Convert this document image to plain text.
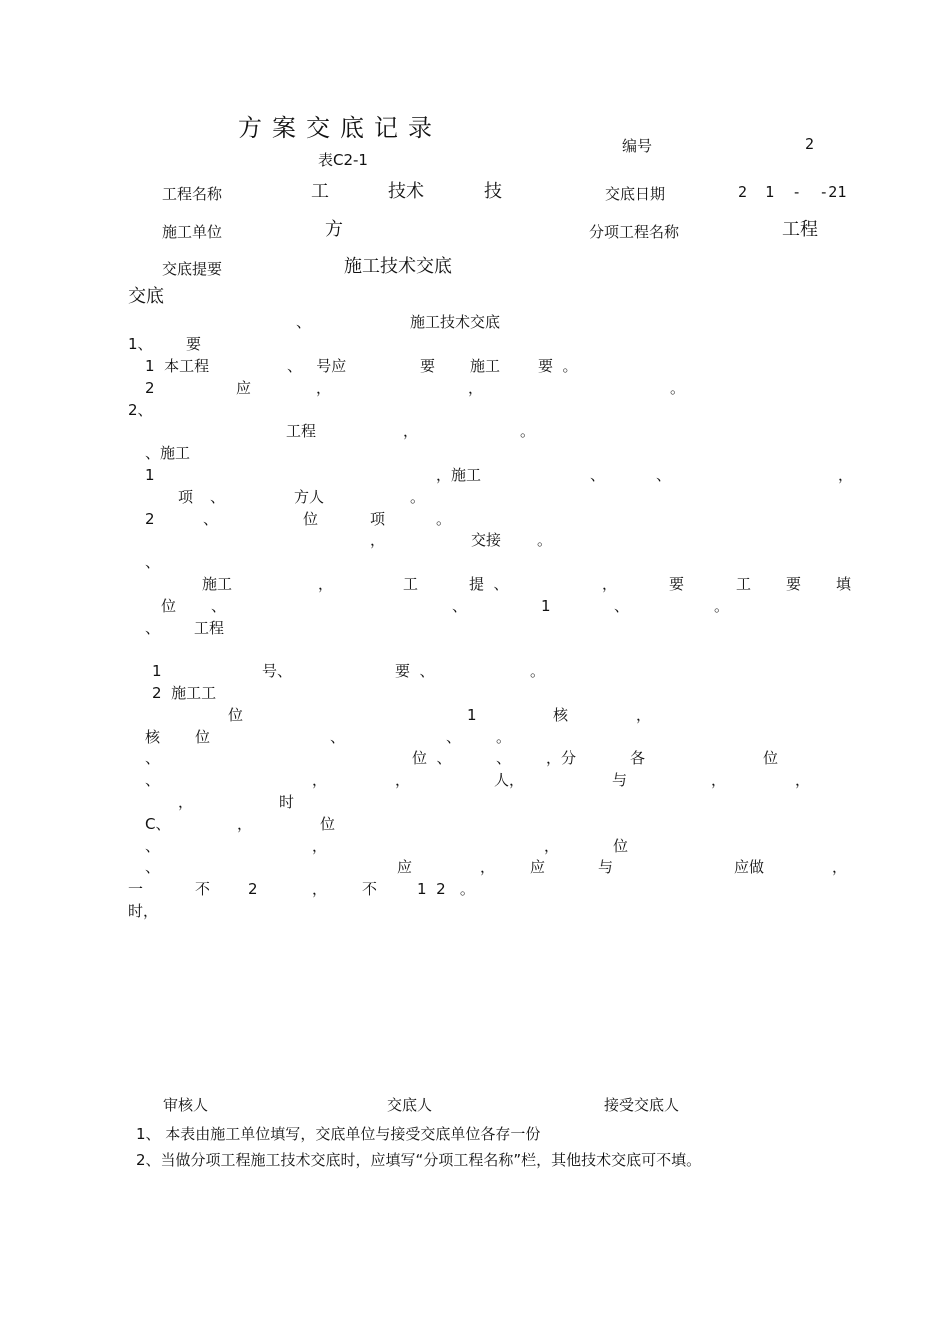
方案交底记录
表C2-1
编号	2
工程名称	工	技术	技	交底日期	2  1  -  -21
施工单位	方	分项工程名称	工程
交底提要	施工技术交底
交底
、	施工技术交底
1、 要
1  本工程	、   号应	要 施工	要  。
2	应	，	，	。
2、
工程	，	。
、施工
1	，施工	、	、	，
项 、	方人	。
2	、	位	项	。
，	交接 。
、
施工	，	工	提  、	，	要	工 要 填
位 、	、	1	、	。
、 工程
1	号、	要  、	。
2  施工工
位	1	核	，
核 位	、	、 。
、	位  、	、 ，分	各	位
、	，	，	人，	与	，	，
，	时
C、	，	位
、	，	，	位
、	应	， 应	与	应做	，
一	不	2	， 不	1  2   。
时，
审核人	交底人	接受交底人
1、 本表由施工单位填写，交底单位与接受交底单位各存一份
2、当做分项工程施工技术交底时，应填写“分项工程名称”栏，其他技术交底可不填。
